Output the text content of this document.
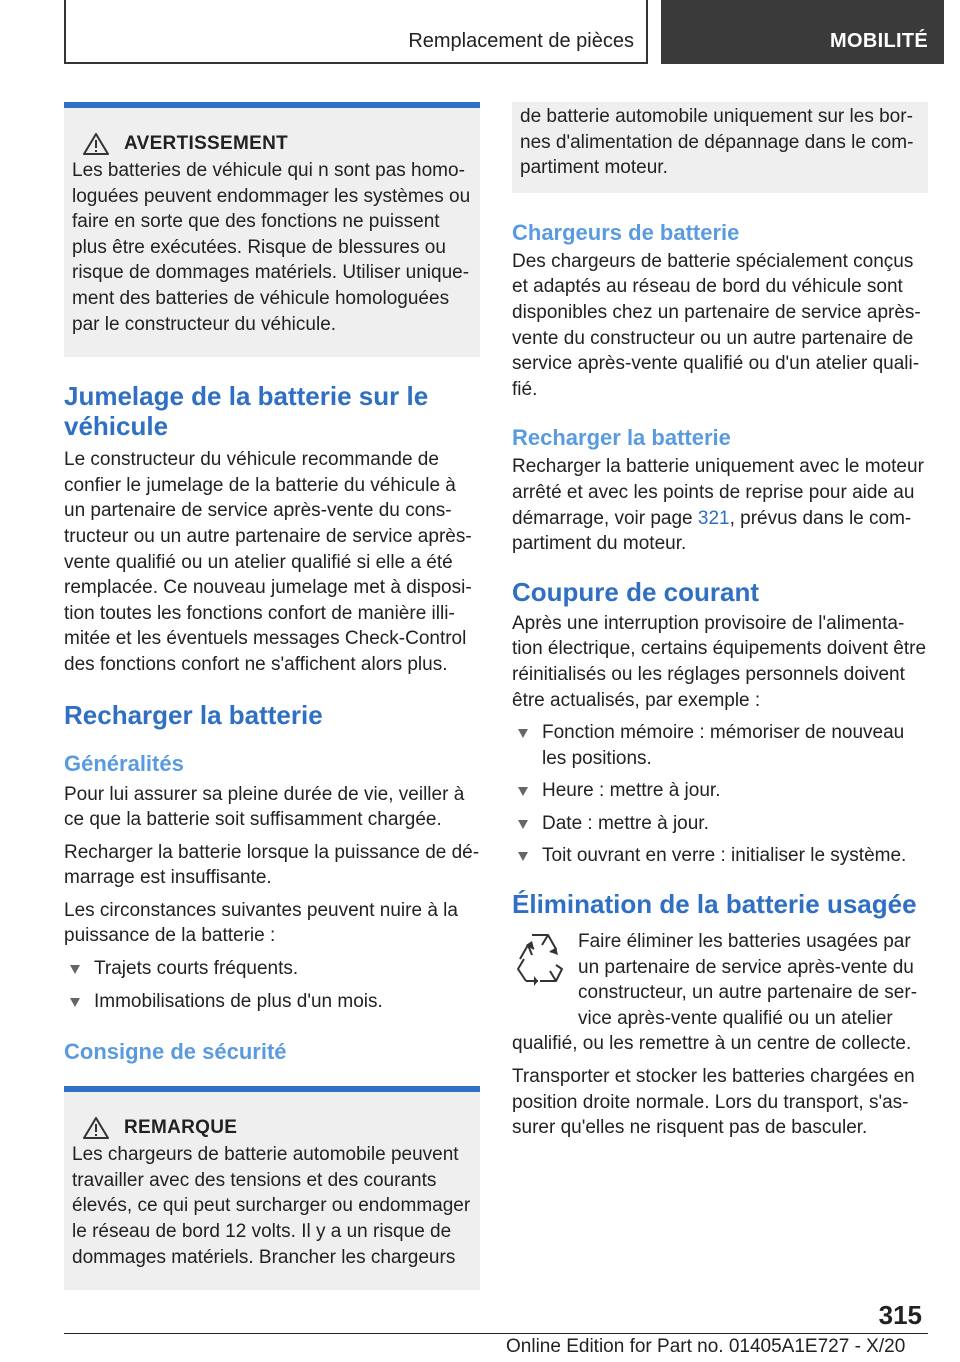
Remplacement de pièces	MOBILITÉ
AVERTISSEMENT

Les batteries de véhicule qui n sont pas homologuées peuvent endommager les systèmes ou faire en sorte que des fonctions ne puissent plus être exécutées. Risque de blessures ou risque de dommages matériels. Utiliser uniquement des batteries de véhicule homologuées par le constructeur du véhicule.

Jumelage de la batterie sur le véhicule

Le constructeur du véhicule recommande de confier le jumelage de la batterie du véhicule à un partenaire de service après-vente du constructeur ou un autre partenaire de service après-vente qualifié ou un atelier qualifié si elle a été remplacée. Ce nouveau jumelage met à disposition toutes les fonctions confort de manière illimitée et les éventuels messages Check-Control des fonctions confort ne s'affichent alors plus.

Recharger la batterie
Généralités

Pour lui assurer sa pleine durée de vie, veiller à ce que la batterie soit suffisamment chargée.

Recharger la batterie lorsque la puissance de démarrage est insuffisante.

Les circonstances suivantes peuvent nuire à la puissance de la batterie :

Trajets courts fréquents.
Immobilisations de plus d'un mois.
Consigne de sécurité
REMARQUE

Les chargeurs de batterie automobile peuvent travailler avec des tensions et des courants élevés, ce qui peut surcharger ou endommager le réseau de bord 12 volts. Il y a un risque de dommages matériels. Brancher les chargeurs

de batterie automobile uniquement sur les bornes d'alimentation de dépannage dans le compartiment moteur.

Chargeurs de batterie

Des chargeurs de batterie spécialement conçus et adaptés au réseau de bord du véhicule sont disponibles chez un partenaire de service après-vente du constructeur ou un autre partenaire de service après-vente qualifié ou d'un atelier qualifié.

Recharger la batterie

Recharger la batterie uniquement avec le moteur arrêté et avec les points de reprise pour aide au démarrage, voir page 321, prévus dans le compartiment du moteur.

Coupure de courant

Après une interruption provisoire de l'alimentation électrique, certains équipements doivent être réinitialisés ou les réglages personnels doivent être actualisés, par exemple :

Fonction mémoire : mémoriser de nouveau les positions.
Heure : mettre à jour.
Date : mettre à jour.
Toit ouvrant en verre : initialiser le système.
Élimination de la batterie usagée

Faire éliminer les batteries usagées par un partenaire de service après-vente du constructeur, un autre partenaire de service après-vente qualifié ou un atelier qualifié, ou les remettre à un centre de collecte.

Transporter et stocker les batteries chargées en position droite normale. Lors du transport, s'assurer qu'elles ne risquent pas de basculer.

315
Online Edition for Part no. 01405A1E727 - X/20
